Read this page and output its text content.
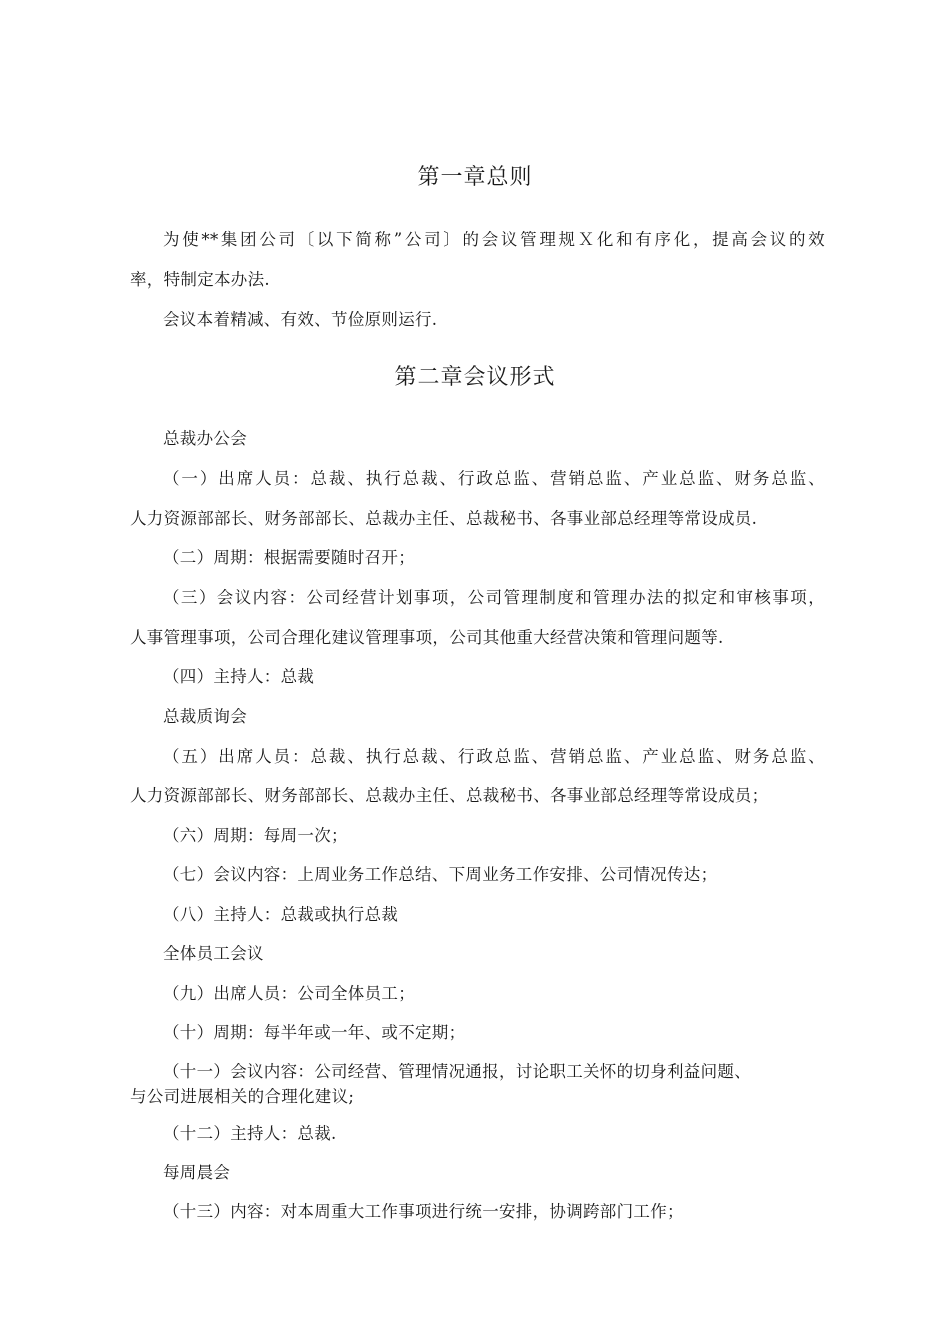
第一章总则

为使**集团公司〔以下简称”公司〕的会议管理规Ｘ化和有序化，提高会议的效

率，特制定本办法.

会议本着精减、有效、节俭原则运行.

第二章会议形式

总裁办公会

（一）出席人员：总裁、执行总裁、行政总监、营销总监、产业总监、财务总监、

人力资源部部长、财务部部长、总裁办主任、总裁秘书、各事业部总经理等常设成员.

（二）周期：根据需要随时召开；

（三）会议内容：公司经营计划事项，公司管理制度和管理办法的拟定和审核事项，

人事管理事项，公司合理化建议管理事项，公司其他重大经营决策和管理问题等.

（四）主持人：总裁

总裁质询会

（五）出席人员：总裁、执行总裁、行政总监、营销总监、产业总监、财务总监、

人力资源部部长、财务部部长、总裁办主任、总裁秘书、各事业部总经理等常设成员；

（六）周期：每周一次；

（七）会议内容：上周业务工作总结、下周业务工作安排、公司情况传达；

（八）主持人：总裁或执行总裁

全体员工会议

（九）出席人员：公司全体员工；

（十）周期：每半年或一年、或不定期；

（十一）会议内容：公司经营、管理情况通报，讨论职工关怀的切身利益问题、

与公司进展相关的合理化建议;

（十二）主持人：总裁.

每周晨会

（十三）内容：对本周重大工作事项进行统一安排，协调跨部门工作；
